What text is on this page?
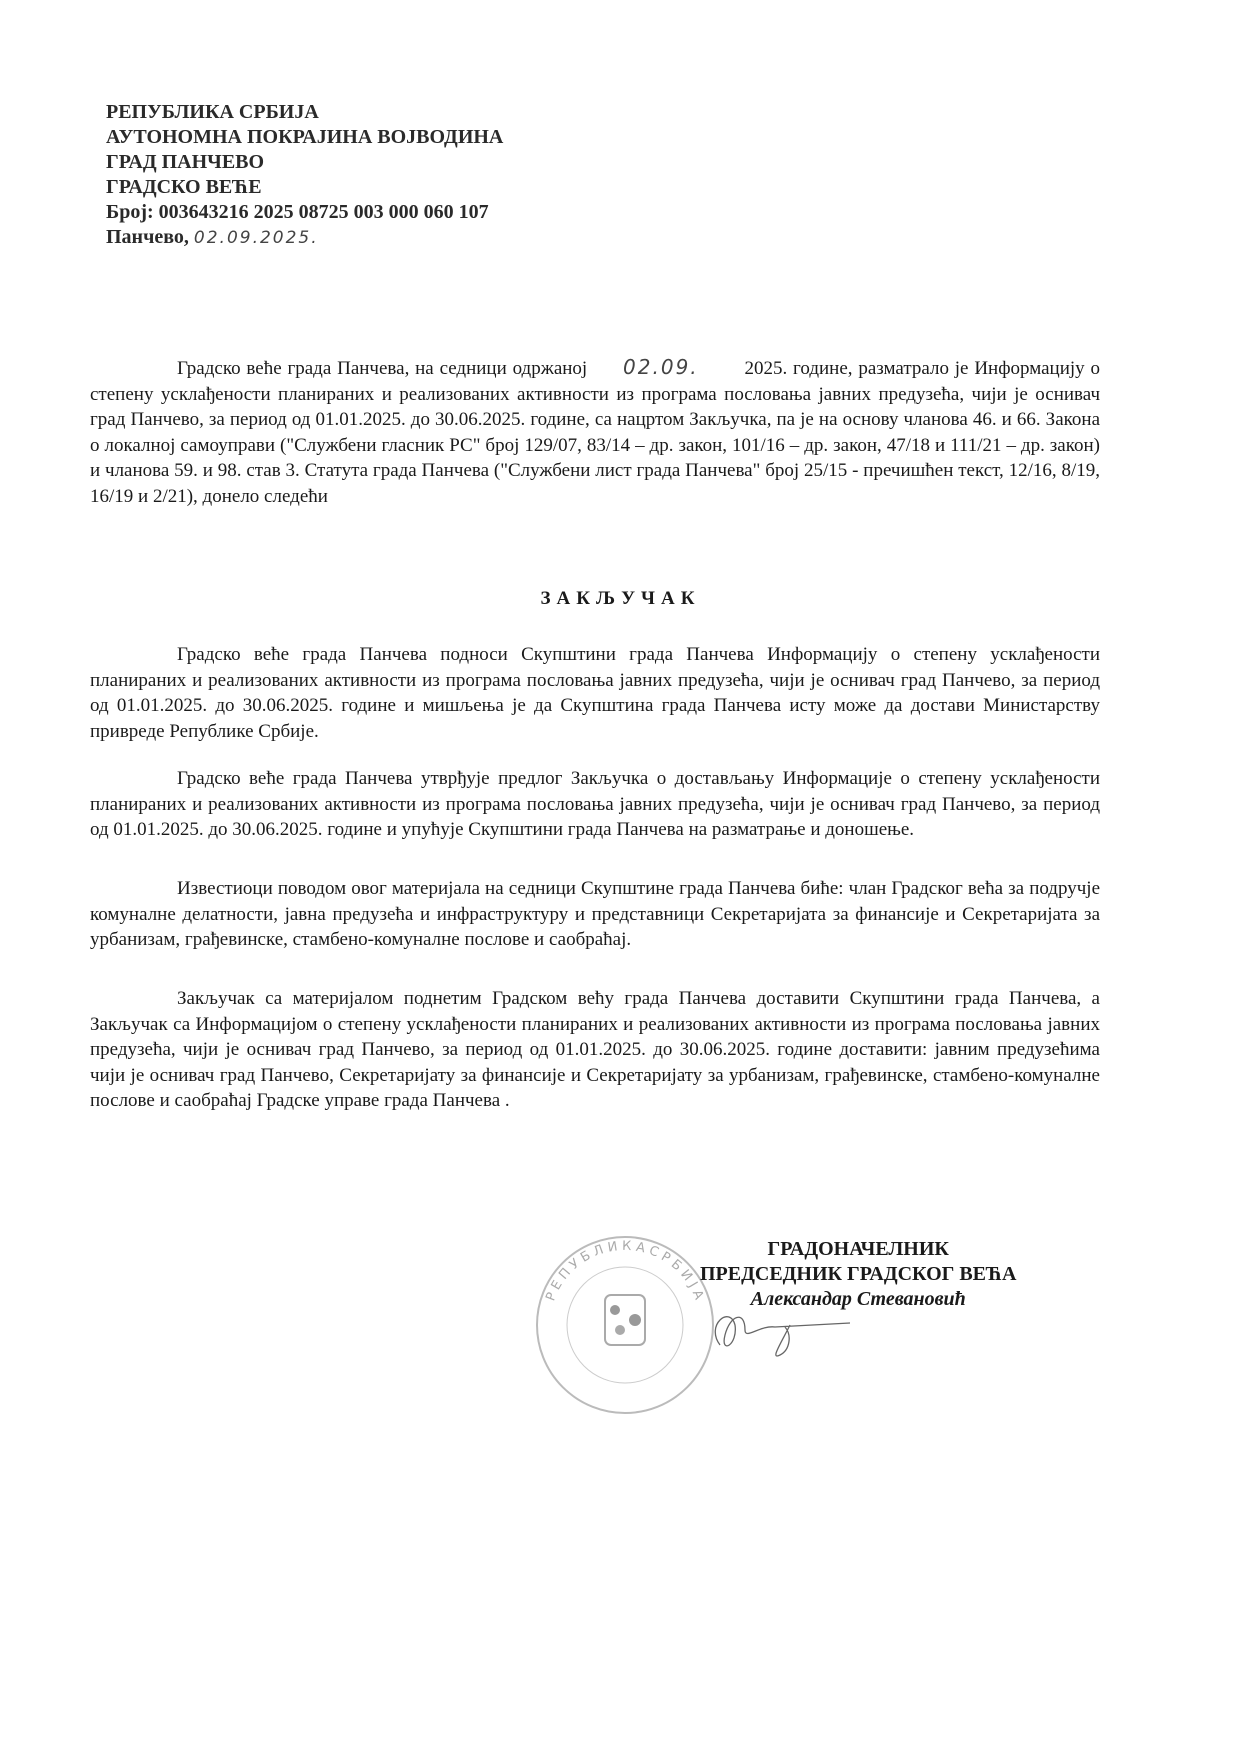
РЕПУБЛИКА СРБИЈА
АУТОНОМНА ПОКРАЈИНА ВОЈВОДИНА
ГРАД ПАНЧЕВО
ГРАДСКО ВЕЋЕ
Број: 003643216 2025 08725 003 000 060 107
Панчево, 02.09.2025.
Градско веће града Панчева, на седници одржаној 02.09. 2025. године, разматрало је Информацију о степену усклађености планираних и реализованих активности из програма пословања јавних предузећа, чији је оснивач град Панчево, за период од 01.01.2025. до 30.06.2025. године, са нацртом Закључка, па је на основу чланова 46. и 66. Закона о локалној самоуправи ("Службени гласник РС" број 129/07, 83/14 – др. закон, 101/16 – др. закон, 47/18 и 111/21 – др. закон) и чланова 59. и 98. став 3. Статута града Панчева ("Службени лист града Панчева" број 25/15 - пречишћен текст, 12/16, 8/19, 16/19 и 2/21), донело следећи
ЗАКЉУЧАК
Градско веће града Панчева подноси Скупштини града Панчева Информацију о степену усклађености планираних и реализованих активности из програма пословања јавних предузећа, чији је оснивач град Панчево, за период од 01.01.2025. до 30.06.2025. године и мишљења је да Скупштина града Панчева исту може да достави Министарству привреде Републике Србије.
Градско веће града Панчева утврђује предлог Закључка о достављању Информације о степену усклађености планираних и реализованих активности из програма пословања јавних предузећа, чији је оснивач град Панчево, за период од 01.01.2025. до 30.06.2025. године и упућује Скупштини града Панчева на разматрање и доношење.
Известиоци поводом овог материјала на седници Скупштине града Панчева биће: члан Градског већа за подручје комуналне делатности, јавна предузећа и инфраструктуру и представници Секретаријата за финансије и Секретаријата за урбанизам, грађевинске, стамбено-комуналне послове и саобраћај.
Закључак са материјалом поднетим Градском већу града Панчева доставити Скупштини града Панчева, а Закључак са Информацијом о степену усклађености планираних и реализованих активности из програма пословања јавних предузећа, чији је оснивач град Панчево, за период од 01.01.2025. до 30.06.2025. године доставити: јавним предузећима чији је оснивач град Панчево, Секретаријату за финансије и Секретаријату за урбанизам, грађевинске, стамбено-комуналне послове и саобраћај Градске управе града Панчева .
Р Е П У Б Л И К А С Р Б И Ј А
ГРАДОНАЧЕЛНИК
ПРЕДСЕДНИК ГРАДСКОГ ВЕЋА
Александар Стевановић
